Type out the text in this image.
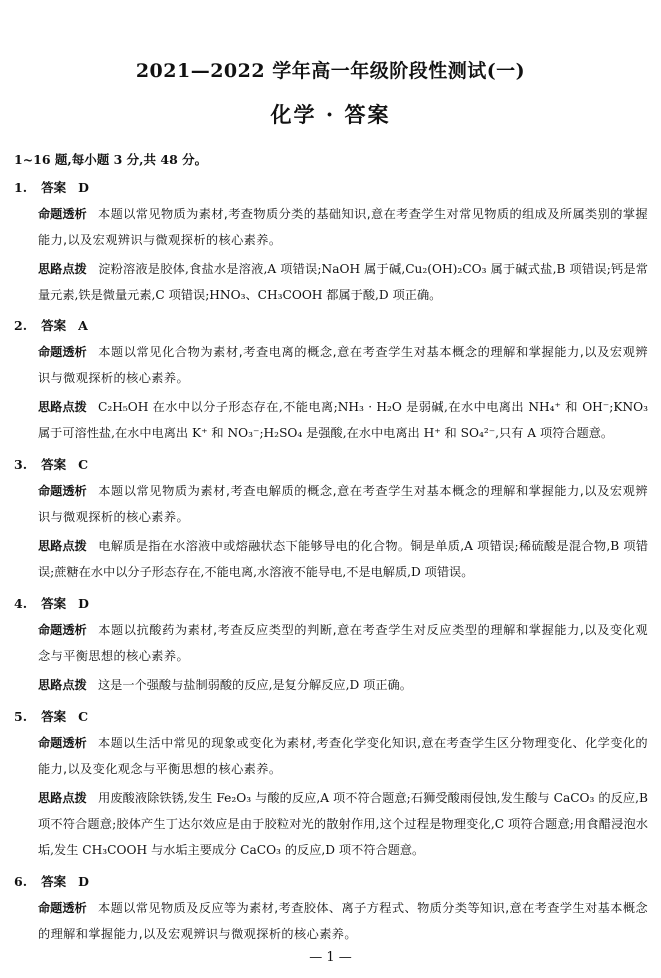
2021—2022 学年高一年级阶段性测试(一)
化学 · 答案
1~16 题,每小题 3 分,共 48 分。
1. 答案 D
命题透析 本题以常见物质为素材,考查物质分类的基础知识,意在考查学生对常见物质的组成及所属类别的掌握能力,以及宏观辨识与微观探析的核心素养。
思路点拨 淀粉溶液是胶体,食盐水是溶液,A 项错误;NaOH 属于碱,Cu₂(OH)₂CO₃ 属于碱式盐,B 项错误;钙是常量元素,铁是微量元素,C 项错误;HNO₃、CH₃COOH 都属于酸,D 项正确。
2. 答案 A
命题透析 本题以常见化合物为素材,考查电离的概念,意在考查学生对基本概念的理解和掌握能力,以及宏观辨识与微观探析的核心素养。
思路点拨 C₂H₅OH 在水中以分子形态存在,不能电离;NH₃ · H₂O 是弱碱,在水中电离出 NH₄⁺ 和 OH⁻;KNO₃ 属于可溶性盐,在水中电离出 K⁺ 和 NO₃⁻;H₂SO₄ 是强酸,在水中电离出 H⁺ 和 SO₄²⁻,只有 A 项符合题意。
3. 答案 C
命题透析 本题以常见物质为素材,考查电解质的概念,意在考查学生对基本概念的理解和掌握能力,以及宏观辨识与微观探析的核心素养。
思路点拨 电解质是指在水溶液中或熔融状态下能够导电的化合物。铜是单质,A 项错误;稀硫酸是混合物,B 项错误;蔗糖在水中以分子形态存在,不能电离,水溶液不能导电,不是电解质,D 项错误。
4. 答案 D
命题透析 本题以抗酸药为素材,考查反应类型的判断,意在考查学生对反应类型的理解和掌握能力,以及变化观念与平衡思想的核心素养。
思路点拨 这是一个强酸与盐制弱酸的反应,是复分解反应,D 项正确。
5. 答案 C
命题透析 本题以生活中常见的现象或变化为素材,考查化学变化知识,意在考查学生区分物理变化、化学变化的能力,以及变化观念与平衡思想的核心素养。
思路点拨 用废酸液除铁锈,发生 Fe₂O₃ 与酸的反应,A 项不符合题意;石狮受酸雨侵蚀,发生酸与 CaCO₃ 的反应,B 项不符合题意;胶体产生丁达尔效应是由于胶粒对光的散射作用,这个过程是物理变化,C 项符合题意;用食醋浸泡水垢,发生 CH₃COOH 与水垢主要成分 CaCO₃ 的反应,D 项不符合题意。
6. 答案 D
命题透析 本题以常见物质及反应等为素材,考查胶体、离子方程式、物质分类等知识,意在考查学生对基本概念的理解和掌握能力,以及宏观辨识与微观探析的核心素养。
— 1 —
